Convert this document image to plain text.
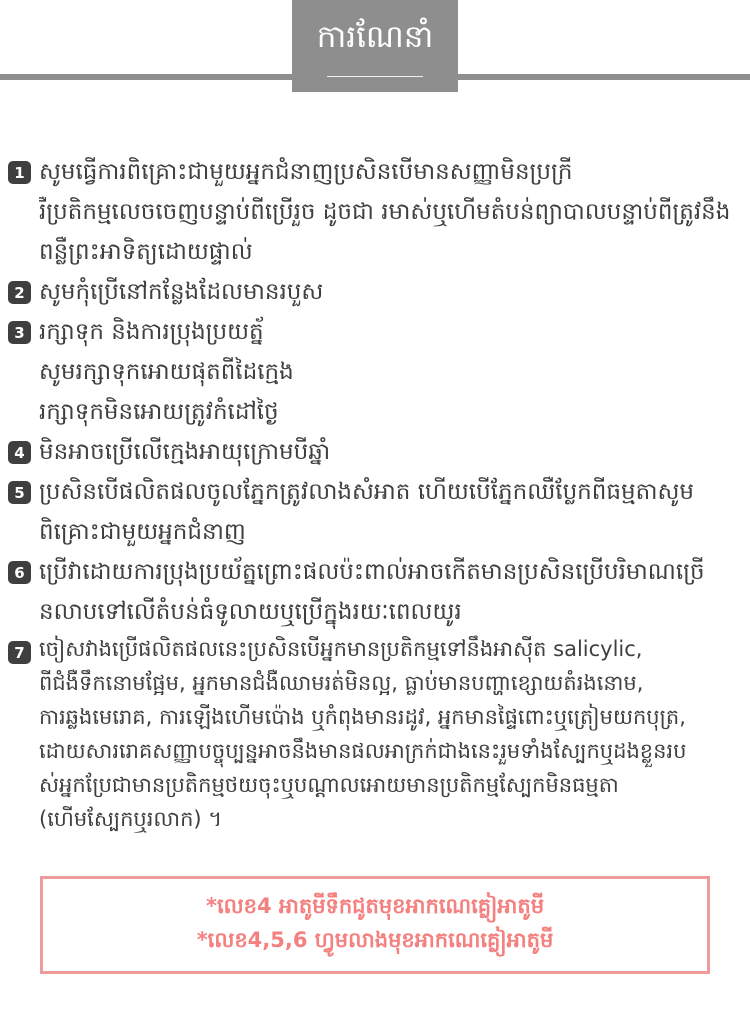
ការណែនាំ
1 សូមធ្វើការពិគ្រោះជាមួយអ្នកជំនាញប្រសិនបើមានសញ្ញាមិនប្រក្រី
រឺប្រតិកម្មលេចចេញបន្ទាប់ពីប្រើរួច ដូចជា រមាស់ឬហើមតំបន់ព្យាបាលបន្ទាប់ពីត្រូវនឹង
ពន្លឺព្រះអាទិត្យដោយផ្ទាល់
2 សូមកុំប្រើនៅកន្លែងដែលមានរបួស
3 រក្សាទុក និងការប្រុងប្រយត្ន័
សូមរក្សាទុកអោយផុតពីដៃក្មេង
រក្សាទុកមិនអោយត្រូវកំដៅថ្ងៃ
4 មិនអាចប្រើលើក្មេងអាយុក្រោមបីឆ្នាំ
5 ប្រសិនបើផលិតផលចូលភ្នែកត្រូវលាងសំអាត ហើយបើភ្នែកឈឺប្លែកពីធម្មតាសូម
ពិគ្រោះជាមួយអ្នកជំនាញ
6 ប្រើវាដោយការប្រុងប្រយ័ត្នព្រោះផលប៉ះពាល់អាចកើតមានប្រសិនប្រើបរិមាណច្រើ
នលាបទៅលើតំបន់ធំទូលាយឬប្រើក្នុងរយៈពេលយូរ
7 ចៀសវាងប្រើផលិតផលនេះប្រសិនបើអ្នកមានប្រតិកម្មទៅនឹងអាស៊ីត salicylic,
ពីជំងឺទឹកនោមផ្អែម, អ្នកមានជំងឺឈាមរត់មិនល្អ, ធ្លាប់មានបញ្ហាខ្សោយតំរងនោម,
ការឆ្លងមេរោគ, ការឡើងហើមប៉ោង ឬកំពុងមានរដូវ, អ្នកមានផ្ទៃពោះឬត្រៀមយកបុត្រ,
ដោយសាររោគសញ្ញាបច្ចុប្បន្នអាចនឹងមានផលអាក្រក់ជាងនេះរួមទាំងស្បែកឬដងខ្លួនរប
ស់អ្នកប្រែជាមានប្រតិកម្មថយចុះឬបណ្តាលអោយមានប្រតិកម្មស្បែកមិនធម្មតា
(ហើមស្បែកឬរលាក) ។

*លេខ4 អាតូមីទឹកជូតមុខអាកណេគ្លៀអាតូមី

*លេខ4,5,6 ហ្វូមលាងមុខអាកណេគ្លៀអាតូមី
